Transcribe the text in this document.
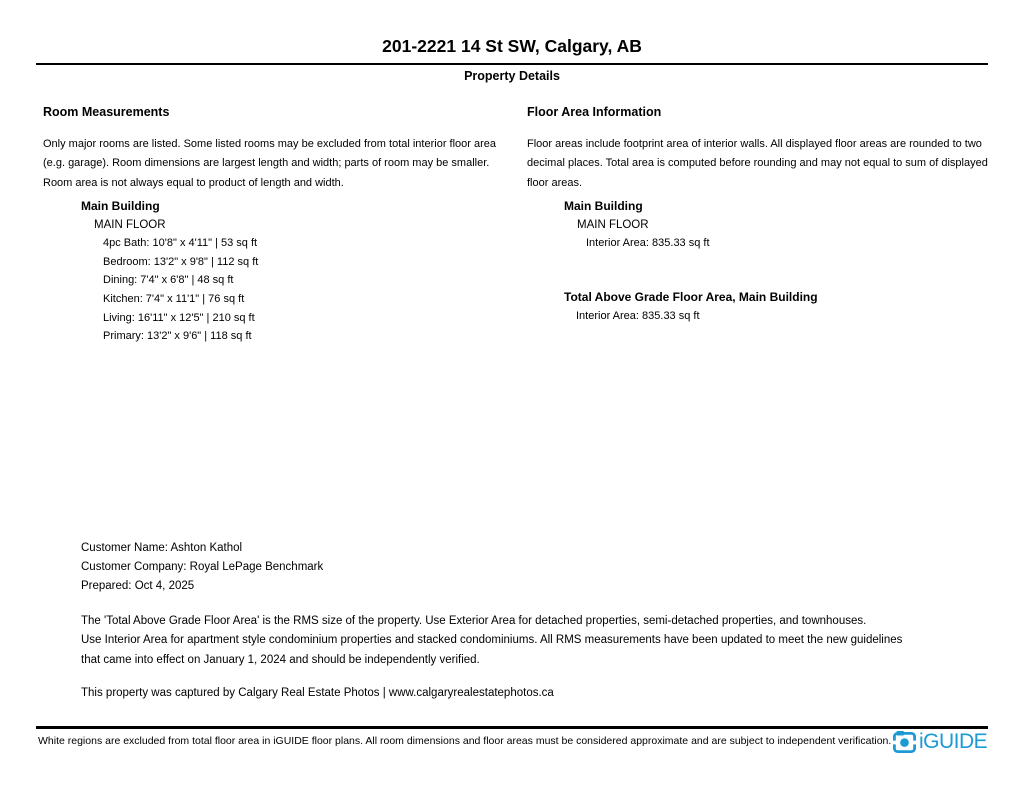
201-2221 14 St SW, Calgary, AB
Property Details
Room Measurements

Only major rooms are listed. Some listed rooms may be excluded from total interior floor area
(e.g. garage). Room dimensions are largest length and width; parts of room may be smaller.
Room area is not always equal to product of length and width.

Main Building
MAIN FLOOR
4pc Bath: 10'8" x 4'11" | 53 sq ft
Bedroom: 13'2" x 9'8" | 112 sq ft
Dining: 7'4" x 6'8" | 48 sq ft
Kitchen: 7'4" x 11'1" | 76 sq ft
Living: 16'11" x 12'5" | 210 sq ft
Primary: 13'2" x 9'6" | 118 sq ft
Floor Area Information

Floor areas include footprint area of interior walls. All displayed floor areas are rounded to two
decimal places. Total area is computed before rounding and may not equal to sum of displayed
floor areas.

Main Building
MAIN FLOOR
Interior Area: 835.33 sq ft
Total Above Grade Floor Area, Main Building
Interior Area: 835.33 sq ft
Customer Name: Ashton Kathol
Customer Company: Royal LePage Benchmark
Prepared: Oct 4, 2025
The 'Total Above Grade Floor Area' is the RMS size of the property. Use Exterior Area for detached properties, semi-detached properties, and townhouses.
Use Interior Area for apartment style condominium properties and stacked condominiums. All RMS measurements have been updated to meet the new guidelines
that came into effect on January 1, 2024 and should be independently verified.

This property was captured by Calgary Real Estate Photos | www.calgaryrealestatephotos.ca

White regions are excluded from total floor area in iGUIDE floor plans. All room dimensions and floor areas must be considered approximate and are subject to independent verification. iGUIDE
